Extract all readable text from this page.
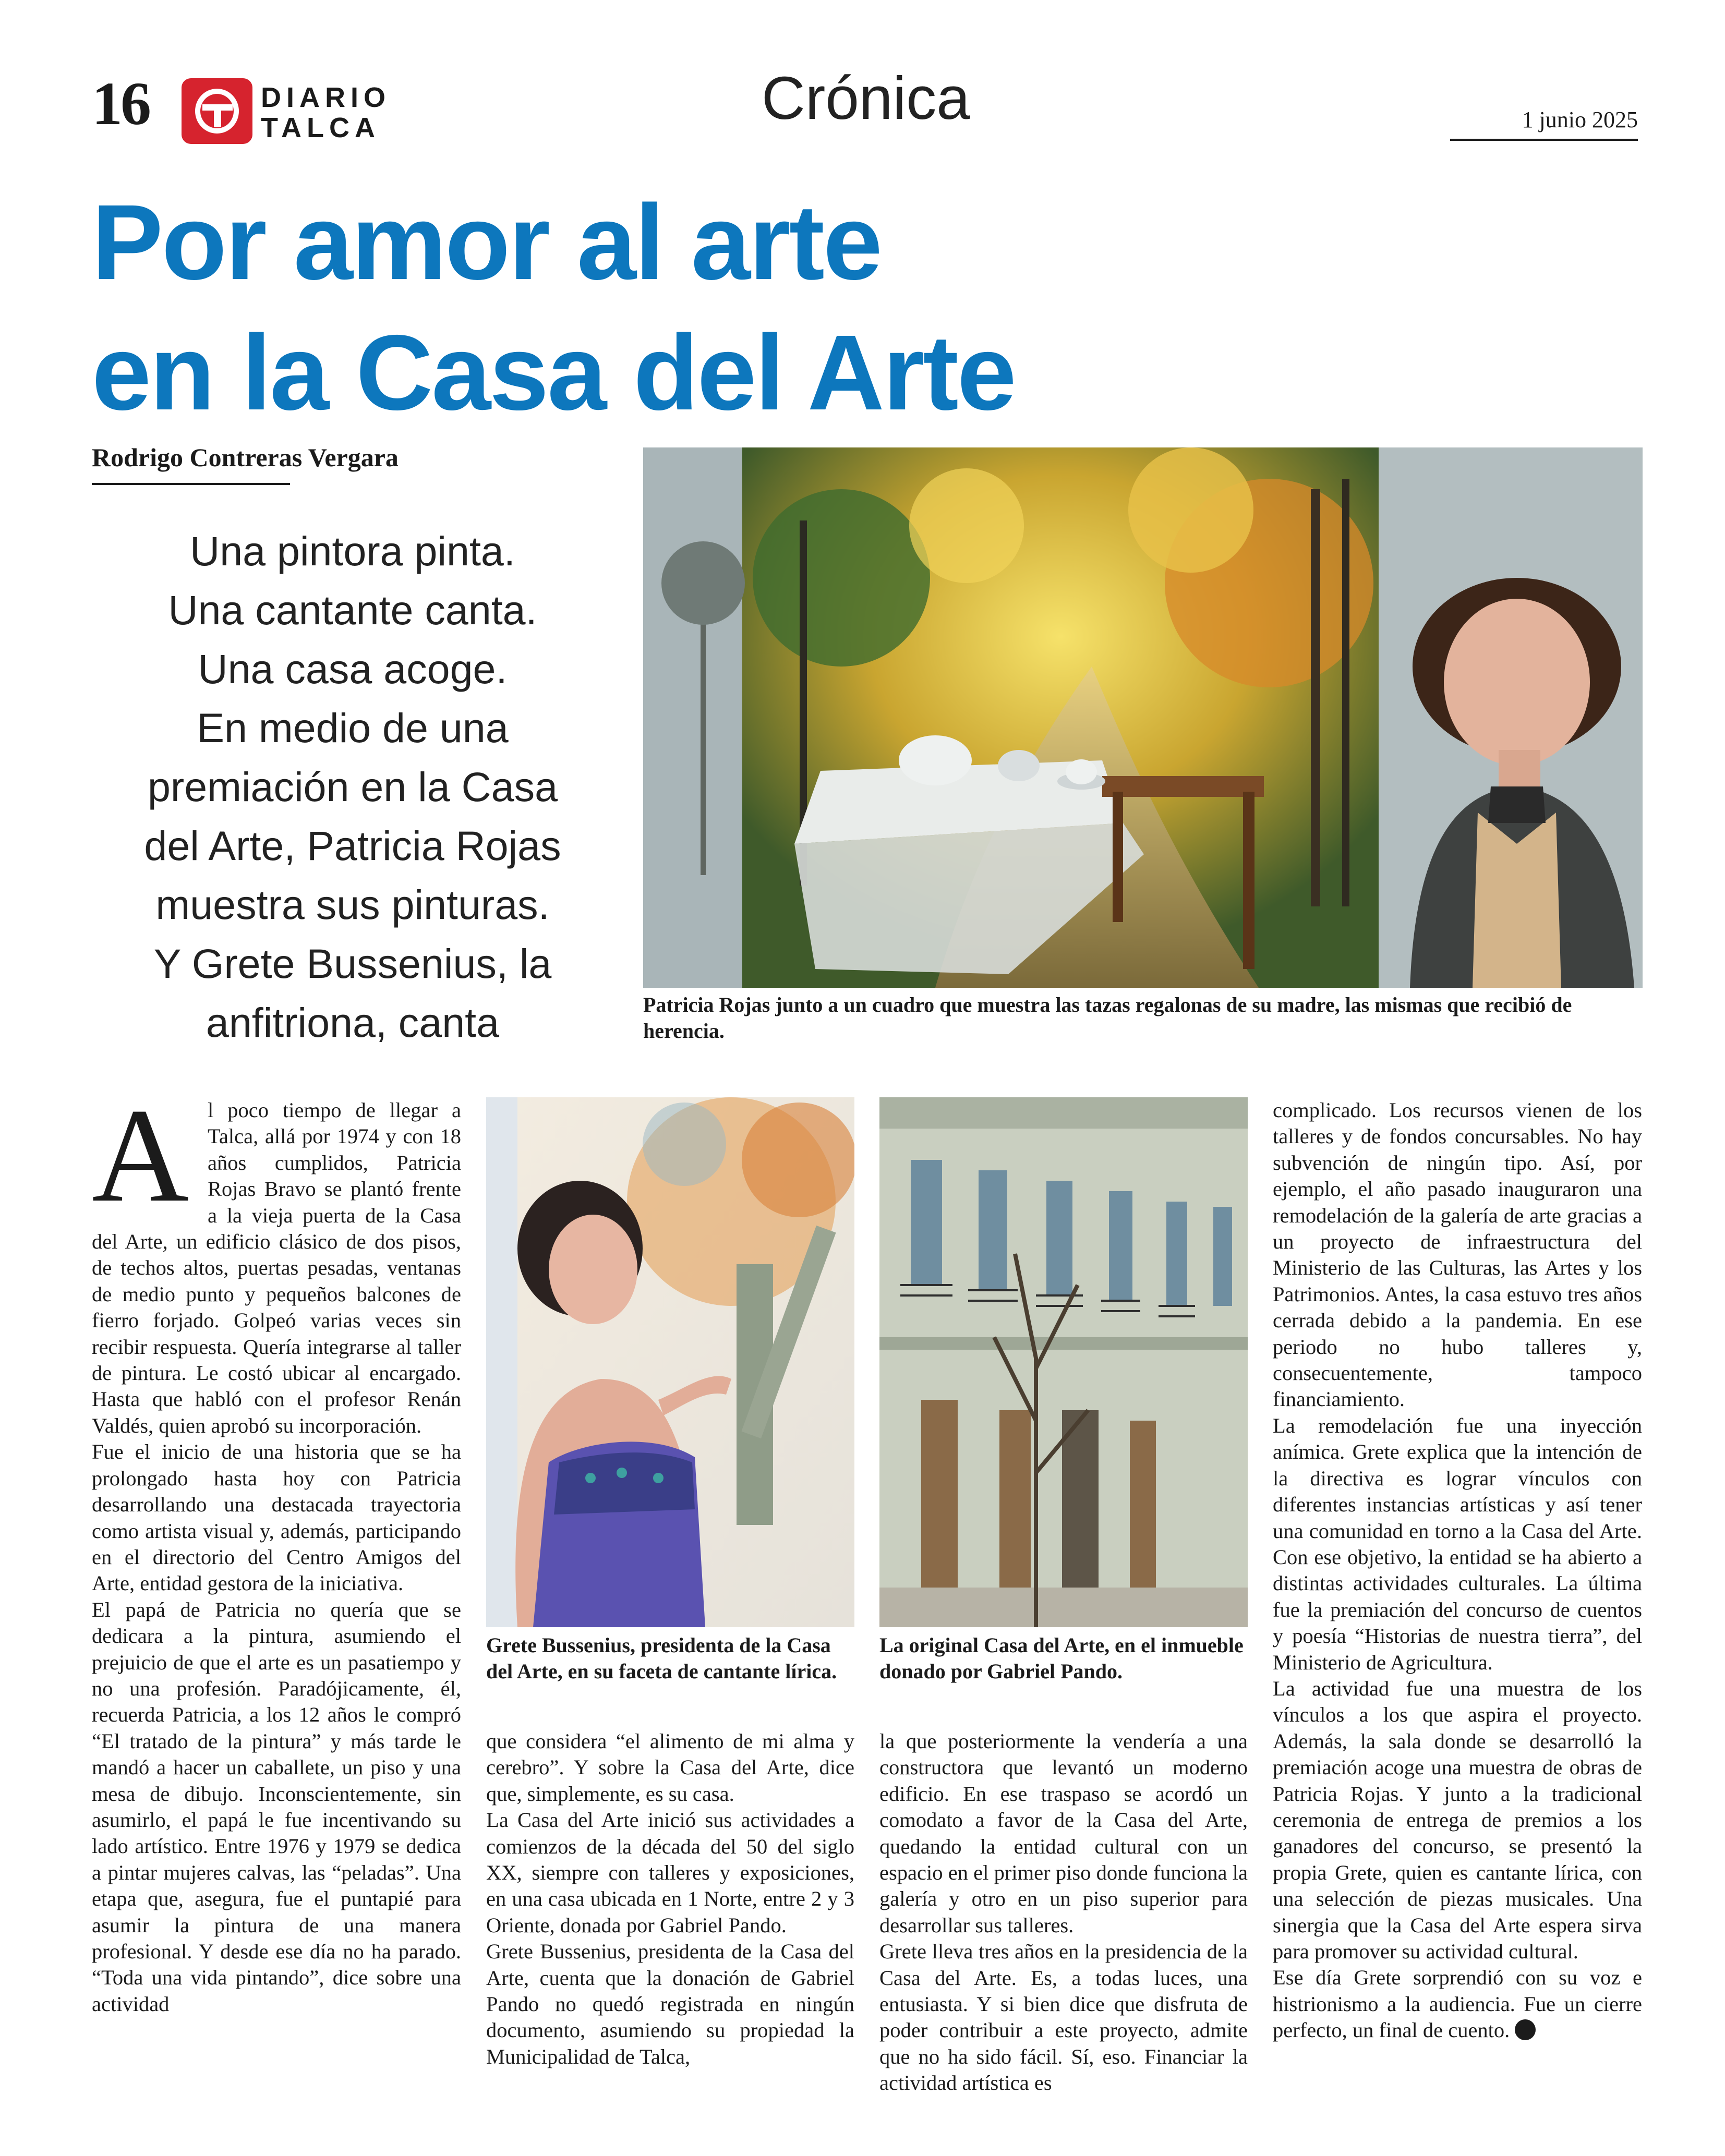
16	DIARIO
TALCA	Crónica	1 junio 2025
Por amor al arte
en la Casa del Arte
Rodrigo Contreras Vergara
Una pintora pinta.
Una cantante canta.
Una casa acoge.
En medio de una
premiación en la Casa
del Arte, Patricia Rojas
muestra sus pinturas.
Y Grete Bussenius, la
anfitriona, canta	Patricia Rojas junto a un cuadro que muestra las tazas regalonas de su madre, las mismas que recibió de herencia.
A l poco tiempo de llegar a Talca, allá por 1974 y con 18 años cumplidos, Patricia Rojas Bravo se plantó frente a la vieja puerta de la Casa del Arte, un edificio clásico de dos pisos, de techos altos, puertas pesadas, ventanas de medio punto y pequeños balcones de fierro forjado. Golpeó varias veces sin recibir respuesta. Quería integrarse al taller de pintura. Le costó ubicar al encargado. Hasta que habló con el profesor Renán Valdés, quien aprobó su incorporación.

Fue el inicio de una historia que se ha prolongado hasta hoy con Patricia desarrollando una destacada trayectoria como artista visual y, además, participando en el directorio del Centro Amigos del Arte, entidad gestora de la iniciativa.

El papá de Patricia no quería que se dedicara a la pintura, asumiendo el prejuicio de que el arte es un pasatiempo y no una profesión. Paradójicamente, él, recuerda Patricia, a los 12 años le compró “El tratado de la pintura” y más tarde le mandó a hacer un caballete, un piso y una mesa de dibujo. Inconscientemente, sin asumirlo, el papá le fue incentivando su lado artístico. Entre 1976 y 1979 se dedica a pintar mujeres calvas, las “peladas”. Una etapa que, asegura, fue el puntapié para asumir la pintura de una manera profesional. Y desde ese día no ha parado. “Toda una vida pintando”, dice sobre una actividad

Grete Bussenius, presidenta de la Casa del Arte, en su faceta de cantante lírica.
La original Casa del Arte, en el inmueble donado por Gabriel Pando.

que considera “el alimento de mi alma y cerebro”. Y sobre la Casa del Arte, dice que, simplemente, es su casa.

La Casa del Arte inició sus actividades a comienzos de la década del 50 del siglo XX, siempre con talleres y exposiciones, en una casa ubicada en 1 Norte, entre 2 y 3 Oriente, donada por Gabriel Pando.

Grete Bussenius, presidenta de la Casa del Arte, cuenta que la donación de Gabriel Pando no quedó registrada en ningún documento, asumiendo su propiedad la Municipalidad de Talca,

la que posteriormente la vendería a una constructora que levantó un moderno edificio. En ese traspaso se acordó un comodato a favor de la Casa del Arte, quedando la entidad cultural con un espacio en el primer piso donde funciona la galería y otro en un piso superior para desarrollar sus talleres.

Grete lleva tres años en la presidencia de la Casa del Arte. Es, a todas luces, una entusiasta. Y si bien dice que disfruta de poder contribuir a este proyecto, admite que no ha sido fácil. Sí, eso. Financiar la actividad artística es

complicado. Los recursos vienen de los talleres y de fondos concursables. No hay subvención de ningún tipo. Así, por ejemplo, el año pasado inauguraron una remodelación de la galería de arte gracias a un proyecto de infraestructura del Ministerio de las Culturas, las Artes y los Patrimonios. Antes, la casa estuvo tres años cerrada debido a la pandemia. En ese periodo no hubo talleres y, consecuentemente, tampoco financiamiento.

La remodelación fue una inyección anímica. Grete explica que la intención de la directiva es lograr vínculos con diferentes instancias artísticas y así tener una comunidad en torno a la Casa del Arte. Con ese objetivo, la entidad se ha abierto a distintas actividades culturales. La última fue la premiación del concurso de cuentos y poesía “Historias de nuestra tierra”, del Ministerio de Agricultura.

La actividad fue una muestra de los vínculos a los que aspira el proyecto. Además, la sala donde se desarrolló la premiación acoge una muestra de obras de Patricia Rojas. Y junto a la tradicional ceremonia de entrega de premios a los ganadores del concurso, se presentó la propia Grete, quien es cantante lírica, con una selección de piezas musicales. Una sinergia que la Casa del Arte espera sirva para promover su actividad cultural.

Ese día Grete sorprendió con su voz e histrionismo a la audiencia. Fue un cierre perfecto, un final de cuento.
